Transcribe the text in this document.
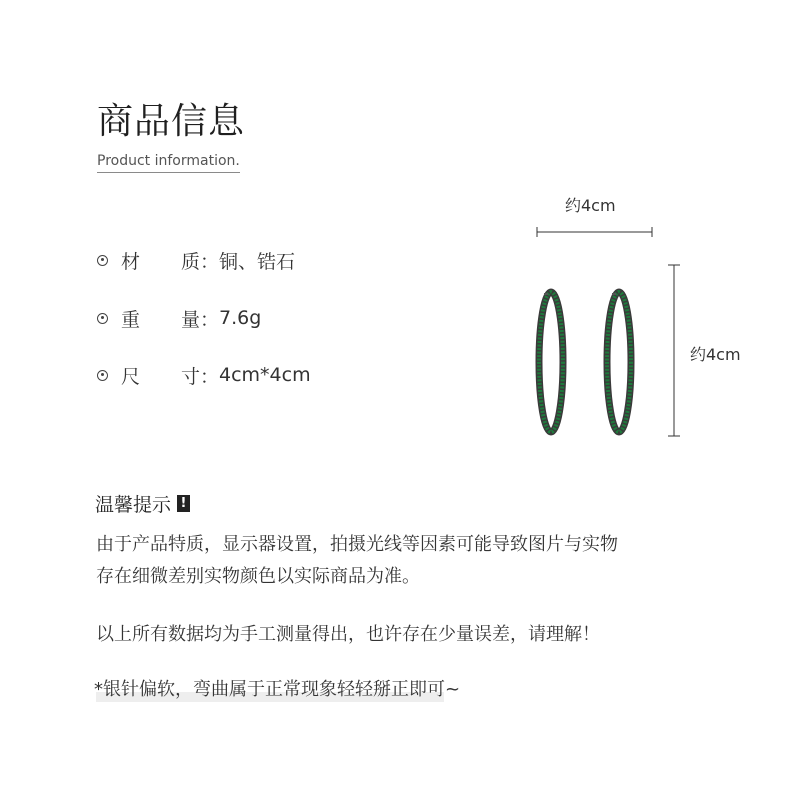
商品信息
Product information.
材 质： 铜、锆石
重 量： 7.6g
尺 寸： 4cm*4cm
约4cm
约4cm
温馨提示 !
由于产品特质，显示器设置，拍摄光线等因素可能导致图片与实物
存在细微差别实物颜色以实际商品为准。
以上所有数据均为手工测量得出，也许存在少量误差，请理解！
*银针偏软，弯曲属于正常现象轻轻掰正即可~
